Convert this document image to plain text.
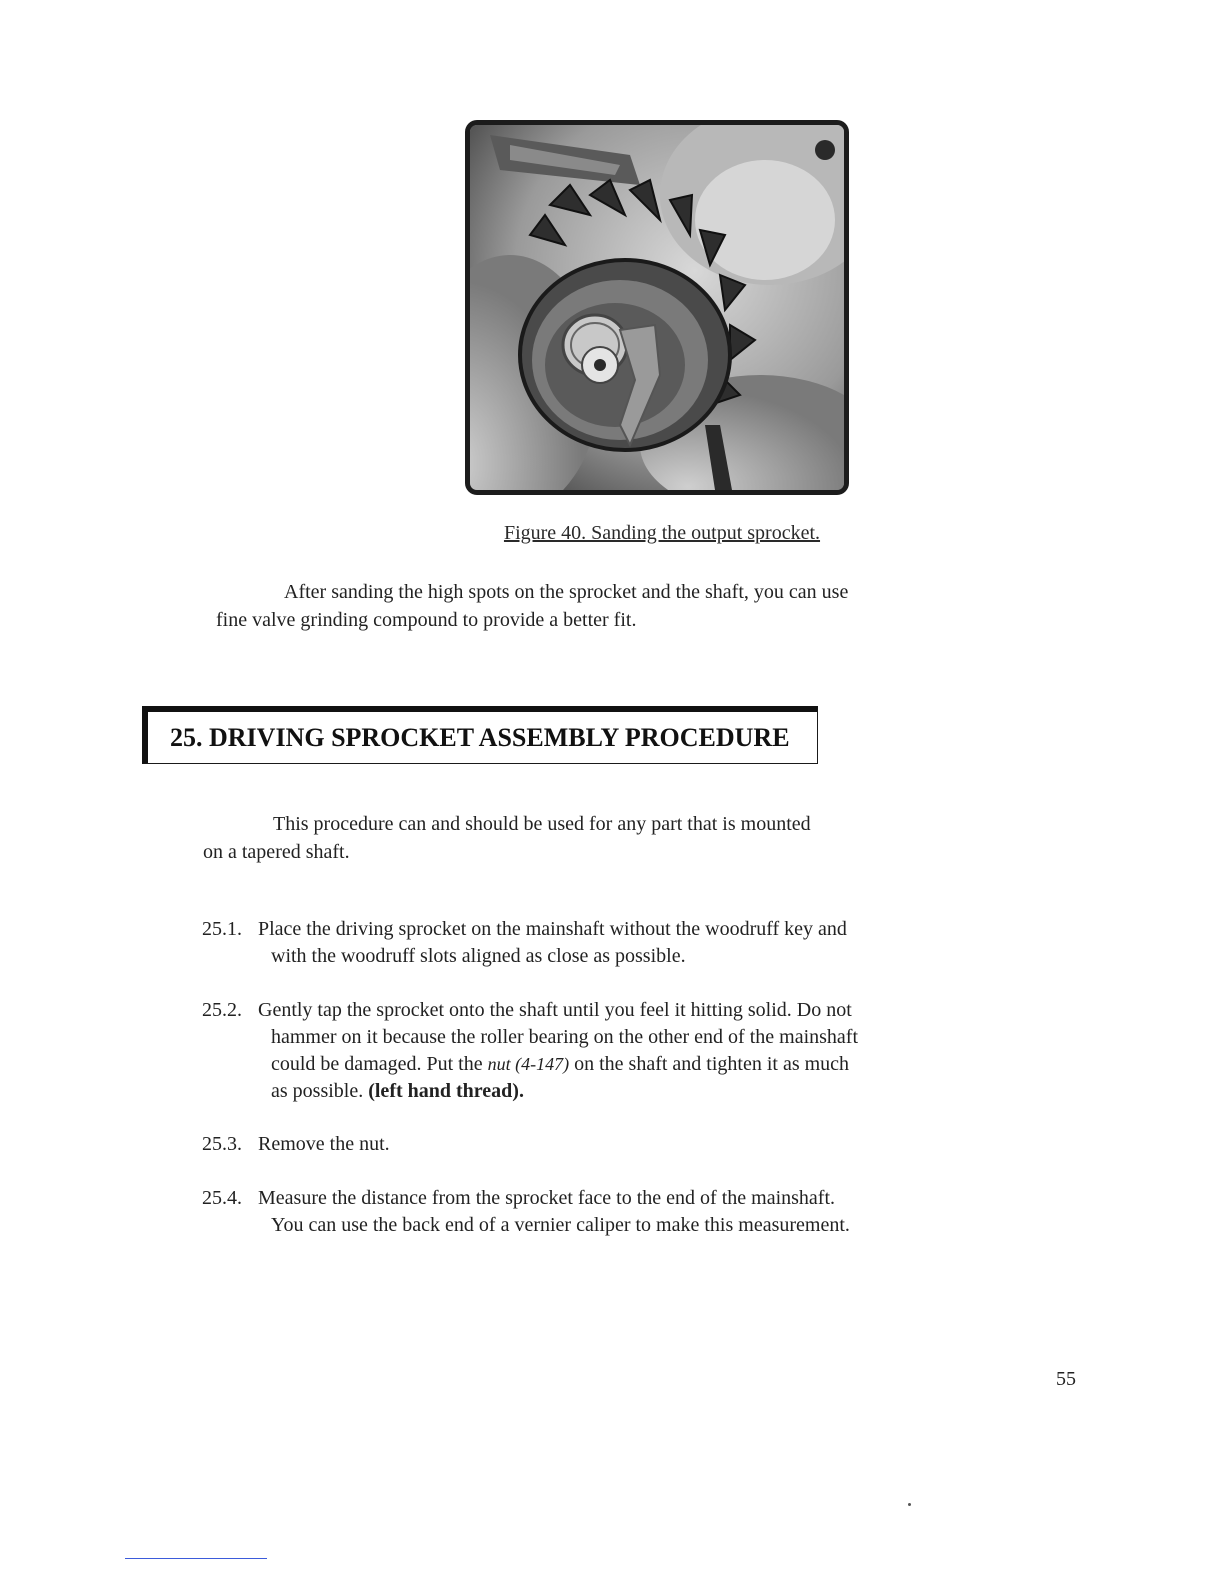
Figure 40. Sanding the output sprocket.
After sanding the high spots on the sprocket and the shaft, you can use
fine valve grinding compound to provide a better fit.
25. DRIVING SPROCKET ASSEMBLY PROCEDURE
This procedure can and should be used for any part that is mounted
on a tapered shaft.
25.1. Place the driving sprocket on the mainshaft without the woodruff key and
with the woodruff slots aligned as close as possible.
25.2. Gently tap the sprocket onto the shaft until you feel it hitting solid. Do not
hammer on it because the roller bearing on the other end of the mainshaft
could be damaged. Put the nut (4-147) on the shaft and tighten it as much
as possible. (left hand thread).
25.3. Remove the nut.
25.4. Measure the distance from the sprocket face to the end of the mainshaft.
You can use the back end of a vernier caliper to make this measurement.
55
